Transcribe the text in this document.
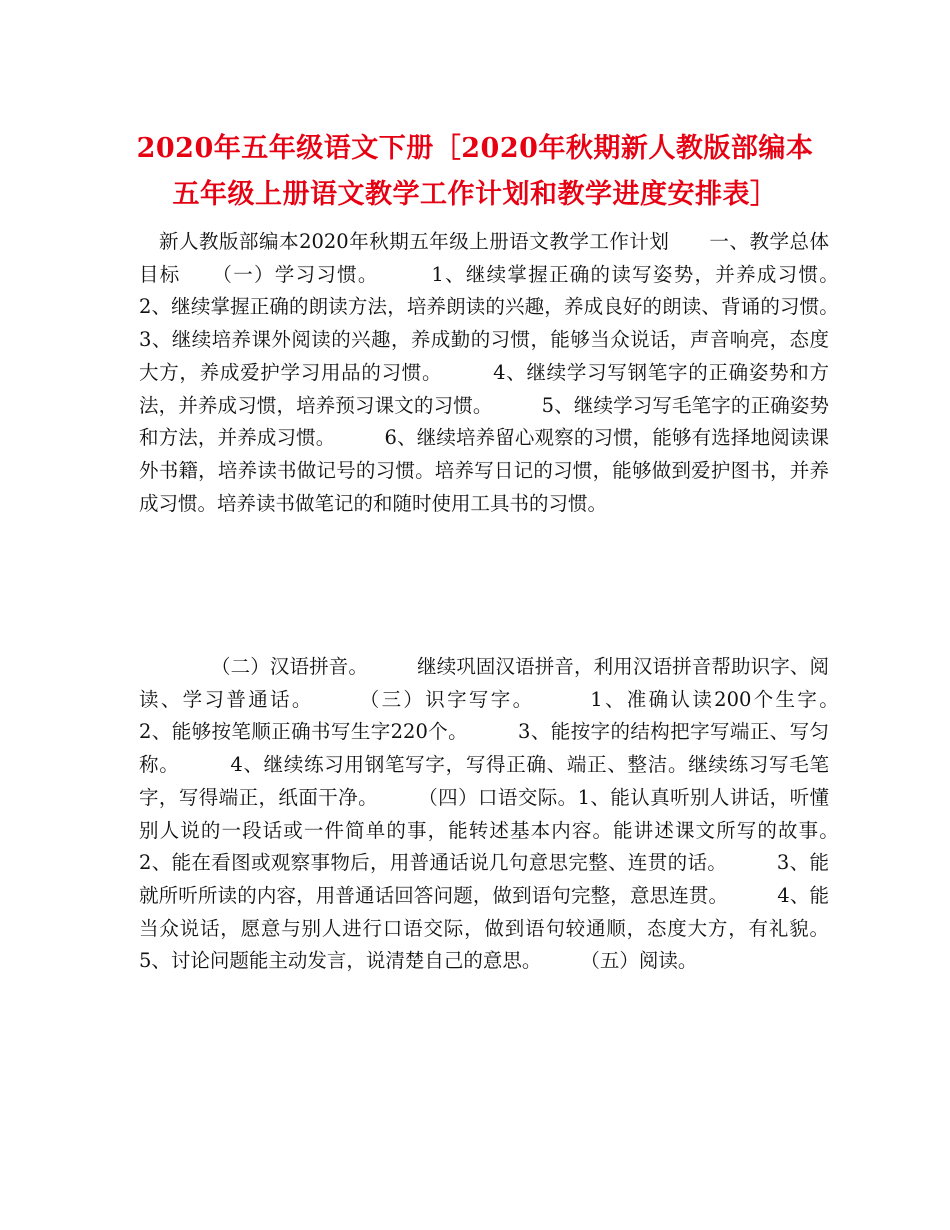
2020年五年级语文下册［2020年秋期新人教版部编本
五年级上册语文教学工作计划和教学进度安排表］

新人教版部编本2020年秋期五年级上册语文教学工作计划　　一、教学总体目标　　（一）学习习惯。　　　1、继续掌握正确的读写姿势，并养成习惯。　　　2、继续掌握正确的朗读方法，培养朗读的兴趣，养成良好的朗读、背诵的习惯。　　　3、继续培养课外阅读的兴趣，养成勤的习惯，能够当众说话，声音响亮，态度大方，养成爱护学习用品的习惯。　　　4、继续学习写钢笔字的正确姿势和方法，并养成习惯，培养预习课文的习惯。　　　5、继续学习写毛笔字的正确姿势和方法，并养成习惯。　　　6、继续培养留心观察的习惯，能够有选择地阅读课外书籍，培养读书做记号的习惯。培养写日记的习惯，能够做到爱护图书，并养成习惯。培养读书做笔记的和随时使用工具书的习惯。

（二）汉语拼音。　　　继续巩固汉语拼音，利用汉语拼音帮助识字、阅读、学习普通话。　　　（三）识字写字。　　　1、准确认读200个生字。　　　2、能够按笔顺正确书写生字220个。　　　3、能按字的结构把字写端正、写匀称。　　　4、继续练习用钢笔写字，写得正确、端正、整洁。继续练习写毛笔字，写得端正，纸面干净。　　　（四）口语交际。1、能认真听别人讲话，听懂别人说的一段话或一件简单的事，能转述基本内容。能讲述课文所写的故事。　　　2、能在看图或观察事物后，用普通话说几句意思完整、连贯的话。　　　3、能就所听所读的内容，用普通话回答问题，做到语句完整，意思连贯。　　　4、能当众说话，愿意与别人进行口语交际，做到语句较通顺，态度大方，有礼貌。5、讨论问题能主动发言，说清楚自己的意思。　　　（五）阅读。
